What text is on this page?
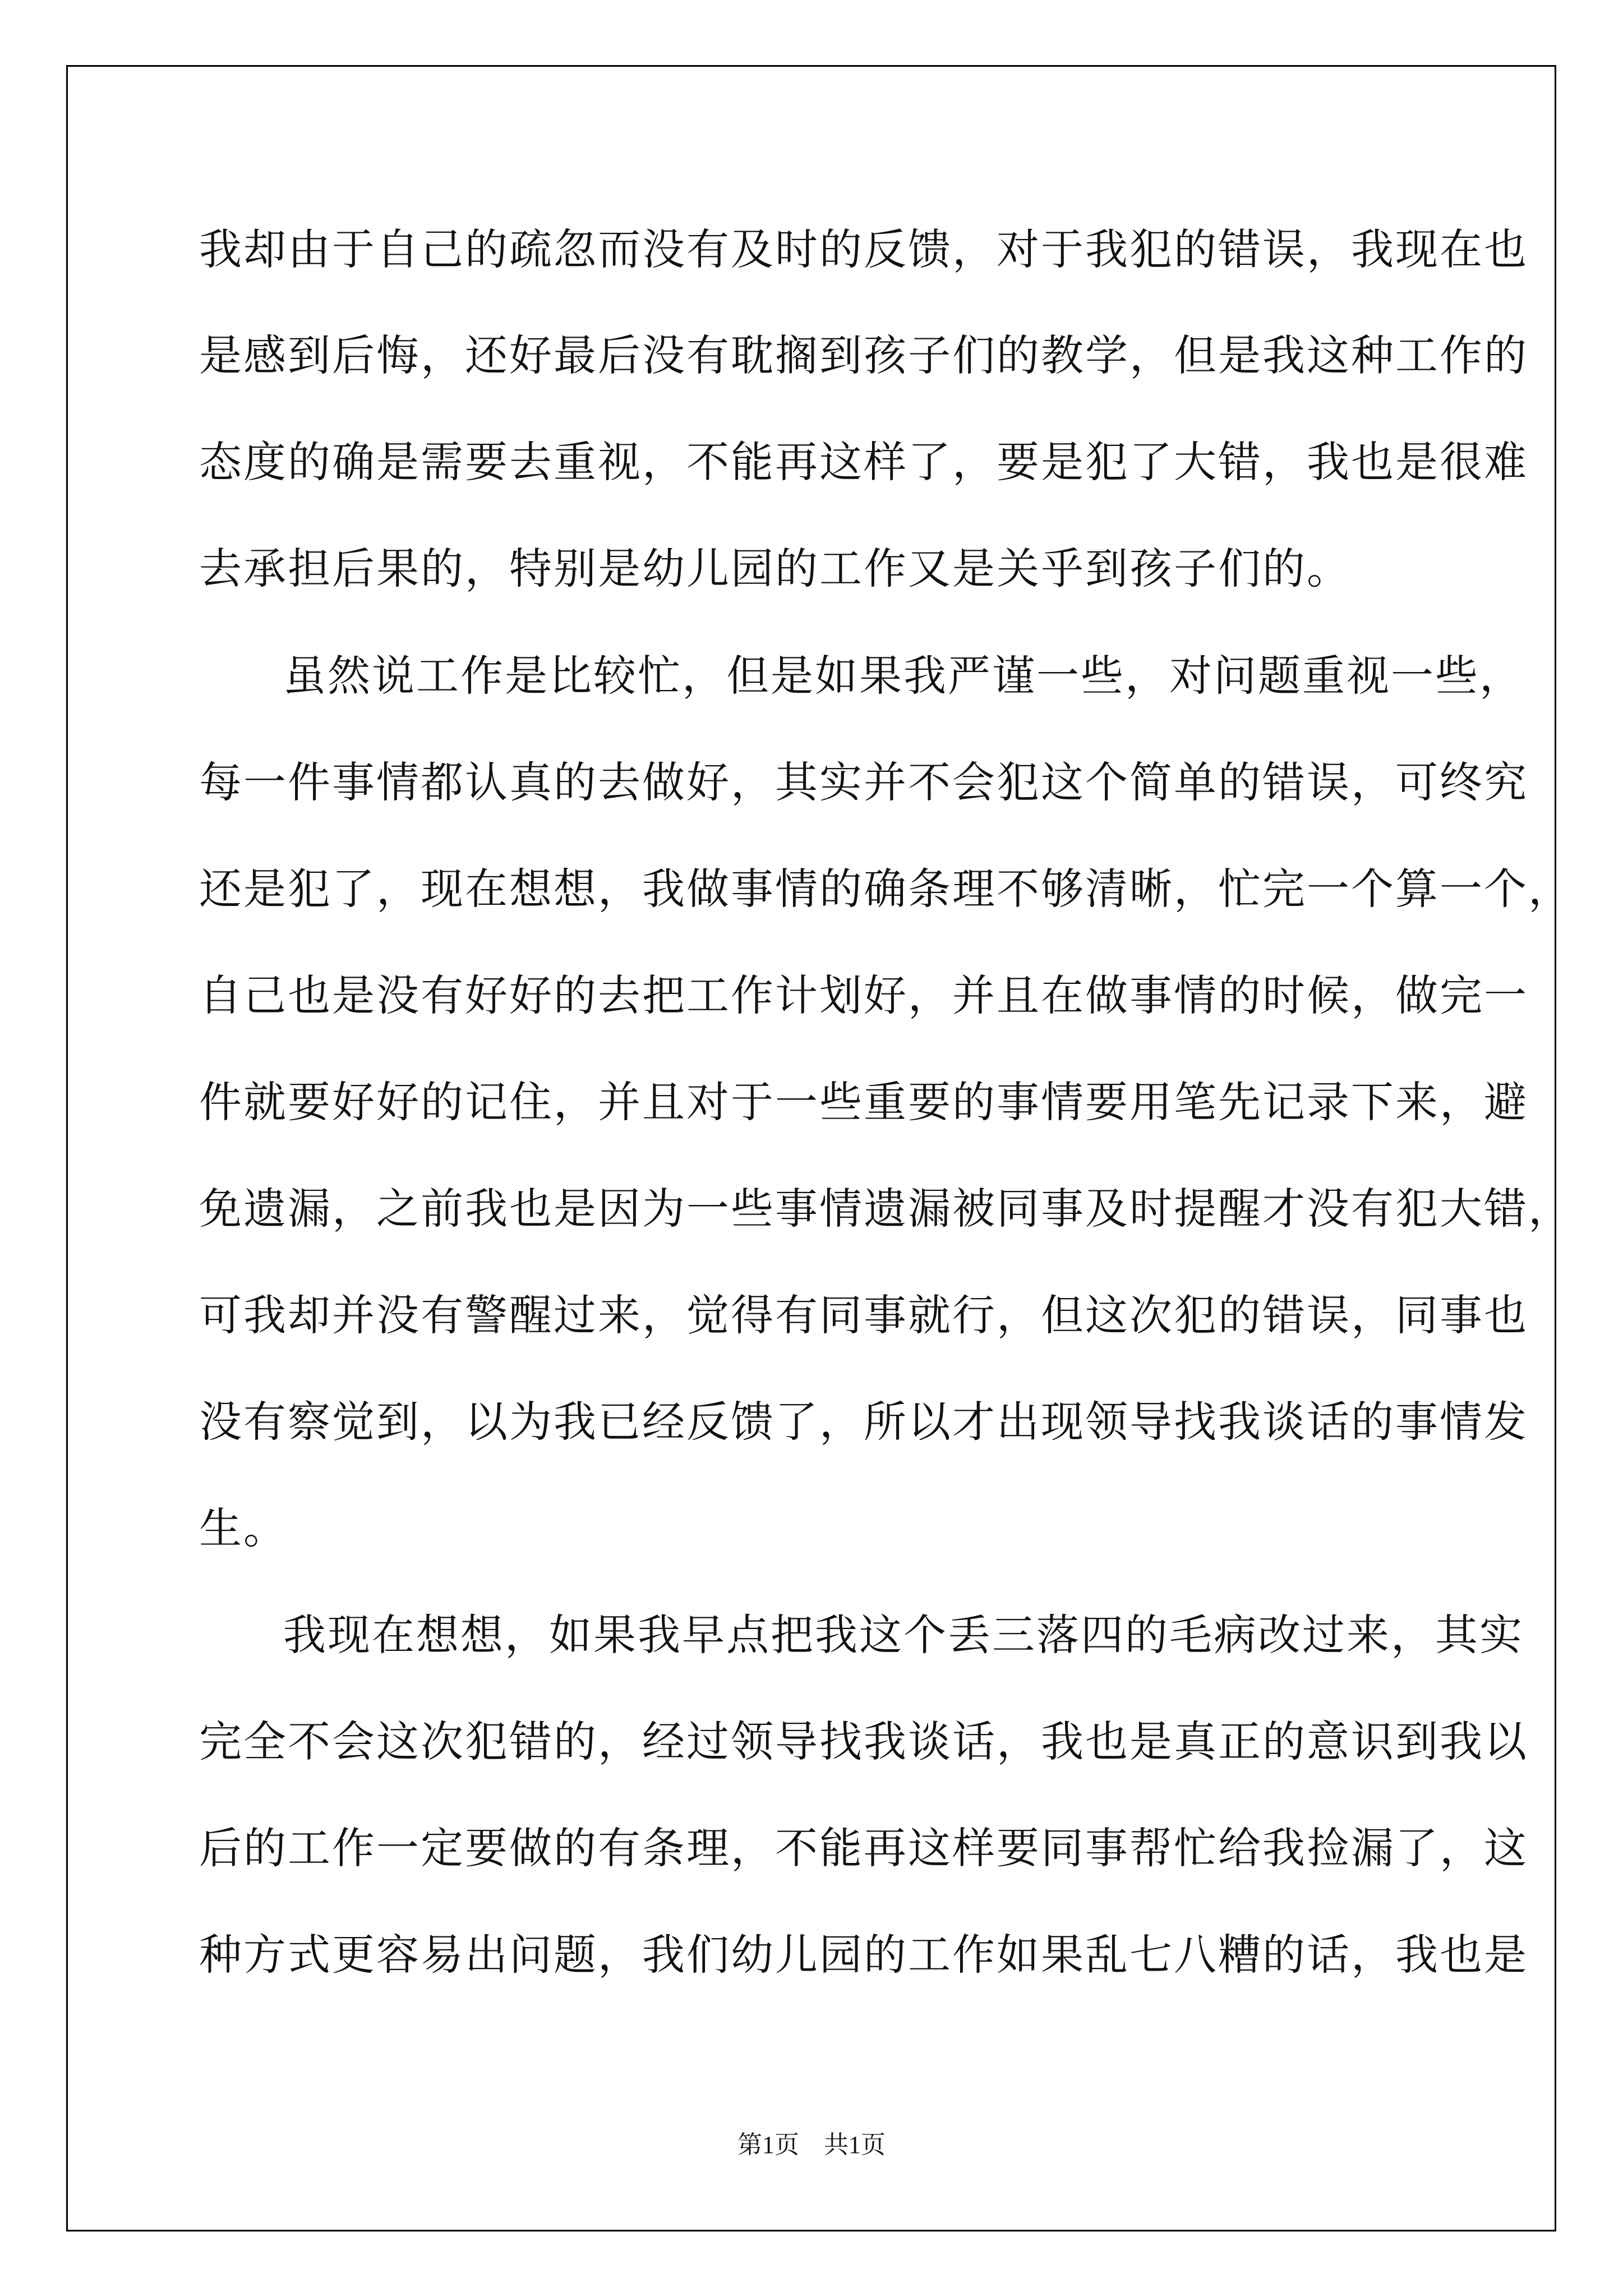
我却由于自己的疏忽而没有及时的反馈，对于我犯的错误，我现在也
是感到后悔，还好最后没有耽搁到孩子们的教学，但是我这种工作的
态度的确是需要去重视，不能再这样了，要是犯了大错，我也是很难
去承担后果的，特别是幼儿园的工作又是关乎到孩子们的。
虽然说工作是比较忙，但是如果我严谨一些，对问题重视一些，
每一件事情都认真的去做好，其实并不会犯这个简单的错误，可终究
还是犯了，现在想想，我做事情的确条理不够清晰，忙完一个算一个，
自己也是没有好好的去把工作计划好，并且在做事情的时候，做完一
件就要好好的记住，并且对于一些重要的事情要用笔先记录下来，避
免遗漏，之前我也是因为一些事情遗漏被同事及时提醒才没有犯大错，
可我却并没有警醒过来，觉得有同事就行，但这次犯的错误，同事也
没有察觉到，以为我已经反馈了，所以才出现领导找我谈话的事情发
生。
我现在想想，如果我早点把我这个丢三落四的毛病改过来，其实
完全不会这次犯错的，经过领导找我谈话，我也是真正的意识到我以
后的工作一定要做的有条理，不能再这样要同事帮忙给我捡漏了，这
种方式更容易出问题，我们幼儿园的工作如果乱七八糟的话，我也是
第1页　共1页
